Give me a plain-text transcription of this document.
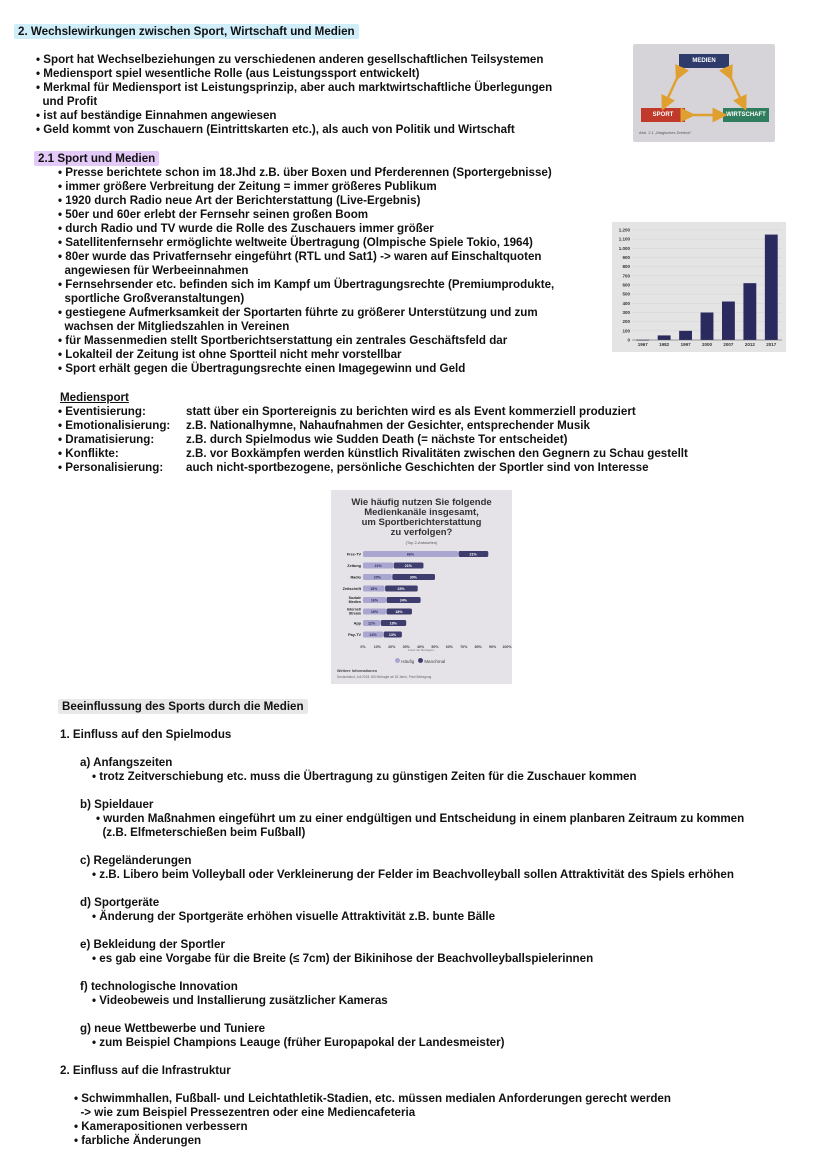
2. Wechslewirkungen zwischen Sport, Wirtschaft und Medien
• Sport hat Wechselbeziehungen zu verschiedenen anderen gesellschaftlichen Teilsystemen
• Mediensport spiel wesentliche Rolle (aus Leistungssport entwickelt)
• Merkmal für Mediensport ist Leistungsprinzip, aber auch marktwirtschaftliche Überlegungen
und Profit
• ist auf beständige Einnahmen angewiesen
• Geld kommt von Zuschauern (Eintrittskarten etc.), als auch von Politik und Wirtschaft
MEDIEN
SPORT	WIRTSCHAFT
Abb. 2.1 „Magisches Dreieck"
2.1 Sport und Medien
• Presse berichtete schon im 18.Jhd z.B. über Boxen und Pferderennen (Sportergebnisse)
• immer größere Verbreitung der Zeitung = immer größeres Publikum
• 1920 durch Radio neue Art der Berichterstattung (Live-Ergebnis)
• 50er und 60er erlebt der Fernsehr seinen großen Boom
• durch Radio und TV wurde die Rolle des Zuschauers immer größer
• Satellitenfernsehr ermöglichte weltweite Übertragung (Olmpische Spiele Tokio, 1964)
• 80er wurde das Privatfernsehr eingeführt (RTL und Sat1) -> waren auf Einschaltquoten
angewiesen für Werbeeinnahmen
• Fernsehrsender etc. befinden sich im Kampf um Übertragungsrechte (Premiumprodukte,
sportliche Großveranstaltungen)
• gestiegene Aufmerksamkeit der Sportarten führte zu größerer Unterstützung und zum
wachsen der Mitgliedszahlen in Vereinen
• für Massenmedien stellt Sportberichtserstattung ein zentrales Geschäftsfeld dar
• Lokalteil der Zeitung ist ohne Sportteil nicht mehr vorstellbar
• Sport erhält gegen die Übertragungsrechte einen Imagegewinn und Geld
0
100
200
300
400
500
600
700
800
900
1.000
1.100
1.200
1967	1982	1997	2000	2007	2012	2017
Mediensport
• Eventisierung:	statt über ein Sportereignis zu berichten wird es als Event kommerziell produziert
• Emotionalisierung: z.B. Nationalhymne, Nahaufnahmen der Gesichter, entsprechender Musik
• Dramatisierung:	z.B. durch Spielmodus wie Sudden Death (= nächste Tor entscheidet)
• Konflikte:	z.B. vor Boxkämpfen werden künstlich Rivalitäten zwischen den Gegnern zu Schau gestellt
• Personalisierung: auch nicht-sportbezogene, persönliche Geschichten der Sportler sind von Interesse
Wie häufig nutzen Sie folgende
Medienkanäle insgesamt,
um Sportberichterstattung
zu verfolgen?
(Top 2-Antworten)
0% 10% 20% 30% 40% 50% 60% 70% 80% 90% 100%
Free-TV	66%	21%
Zeitung	21%	21%
Radio	20%	30%
Zeitschrift	15%	23%
Soziale
Medien	16%	24%
Internet/
Stream	16%	18%
App 12%	18%
Pay-TV 14%	13%
Anteil der Befragten
Häufig Manchmal
Weitere Informationen
Deutschland, Juli 2018, 800 Befragte ab 18 Jahre, Pixel Befragung
Beeinflussung des Sports durch die Medien
1. Einfluss auf den Spielmodus
a) Anfangszeiten
• trotz Zeitverschiebung etc. muss die Übertragung zu günstigen Zeiten für die Zuschauer kommen
b) Spieldauer
• wurden Maßnahmen eingeführt um zu einer endgültigen und Entscheidung in einem planbaren Zeitraum zu kommen
(z.B. Elfmeterschießen beim Fußball)
c) Regeländerungen
• z.B. Libero beim Volleyball oder Verkleinerung der Felder im Beachvolleyball sollen Attraktivität des Spiels erhöhen
d) Sportgeräte
• Änderung der Sportgeräte erhöhen visuelle Attraktivität z.B. bunte Bälle
e) Bekleidung der Sportler
• es gab eine Vorgabe für die Breite (≤ 7cm) der Bikinihose der Beachvolleyballspielerinnen
f) technologische Innovation
• Videobeweis und Installierung zusätzlicher Kameras
g) neue Wettbewerbe und Tuniere
• zum Beispiel Champions Leauge (früher Europapokal der Landesmeister)
2. Einfluss auf die Infrastruktur
• Schwimmhallen, Fußball- und Leichtathletik-Stadien, etc. müssen medialen Anforderungen gerecht werden
-> wie zum Beispiel Pressezentren oder eine Mediencafeteria
• Kamerapositionen verbessern
• farbliche Änderungen
